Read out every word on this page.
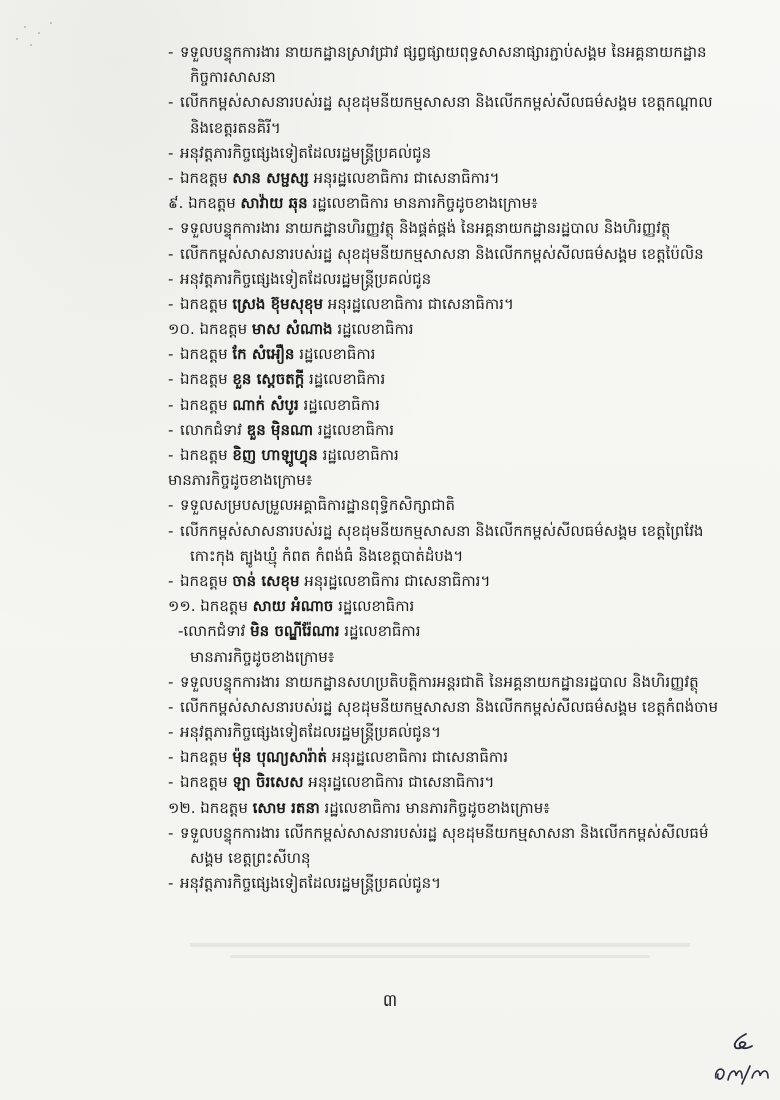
- ទទួលបន្ទុកការងារ នាយកដ្ឋានស្រាវជ្រាវ ផ្សព្វផ្សាយពុទ្ធសាសនាផ្សារភ្ជាប់សង្គម នៃអគ្គនាយកដ្ឋាន
កិច្ចការសាសនា
- លើកកម្ពស់សាសនារបស់រដ្ឋ សុខដុមនីយកម្មសាសនា និងលើកកម្ពស់សីលធម៌សង្គម ខេត្តកណ្ដាល
និងខេត្តរតនគិរី។
- អនុវត្តភារកិច្ចផ្សេងទៀតដែលរដ្ឋមន្ត្រីប្រគល់ជូន
- ឯកឧត្ដម សាន សម្ផស្ស អនុរដ្ឋលេខាធិការ ជាសេនាធិការ។
៩. ឯកឧត្ដម សាវ៉ាយ ឆុន រដ្ឋលេខាធិការ មានភារកិច្ចដូចខាងក្រោម៖
- ទទួលបន្ទុកការងារ នាយកដ្ឋានហិរញ្ញវត្ថុ និងផ្គត់ផ្គង់ នៃអគ្គនាយកដ្ឋានរដ្ឋបាល និងហិរញ្ញវត្ថុ
- លើកកម្ពស់សាសនារបស់រដ្ឋ សុខដុមនីយកម្មសាសនា និងលើកកម្ពស់សីលធម៌សង្គម ខេត្តប៉ៃលិន
- អនុវត្តភារកិច្ចផ្សេងទៀតដែលរដ្ឋមន្ត្រីប្រគល់ជូន
- ឯកឧត្ដម ស្រេង ខ៊ុមសុខុម អនុរដ្ឋលេខាធិការ ជាសេនាធិការ។
១០. ឯកឧត្ដម មាស សំណាង រដ្ឋលេខាធិការ
- ឯកឧត្ដម កែ សំអឿន រដ្ឋលេខាធិការ
- ឯកឧត្ដម ខួន ស្ដេចតក្តី រដ្ឋលេខាធិការ
- ឯកឧត្ដម ណាក់ សំបូរ រដ្ឋលេខាធិការ
- លោកជំទាវ ឌួន ម៉ិនណា រដ្ឋលេខាធិការ
- ឯកឧត្ដម ខិញ ហាឡូហ្វុន រដ្ឋលេខាធិការ
មានភារកិច្ចដូចខាងក្រោម៖
- ទទួលសម្របសម្រួលអគ្គាធិការដ្ឋានពុទ្ធិកសិក្សាជាតិ
- លើកកម្ពស់សាសនារបស់រដ្ឋ សុខដុមនីយកម្មសាសនា និងលើកកម្ពស់សីលធម៌សង្គម ខេត្តព្រៃវែង
កោះកុង ត្បូងឃ្មុំ កំពត កំពង់ធំ និងខេត្តបាត់ដំបង។
- ឯកឧត្ដម ចាន់ សេខុម អនុរដ្ឋលេខាធិការ ជាសេនាធិការ។
១១. ឯកឧត្ដម សាយ អំណាច រដ្ឋលេខាធិការ
-លោកជំទាវ មិន ចណ្ឌីរ៉ែណារ រដ្ឋលេខាធិការ
មានភារកិច្ចដូចខាងក្រោម៖
- ទទួលបន្ទុកការងារ នាយកដ្ឋានសហប្រតិបត្តិការអន្តរជាតិ នៃអគ្គនាយកដ្ឋានរដ្ឋបាល និងហិរញ្ញវត្ថុ
- លើកកម្ពស់សាសនារបស់រដ្ឋ សុខដុមនីយកម្មសាសនា និងលើកកម្ពស់សីលធម៌សង្គម ខេត្តកំពង់ចាម
- អនុវត្តភារកិច្ចផ្សេងទៀតដែលរដ្ឋមន្ត្រីប្រគល់ជូន។
- ឯកឧត្ដម ម៉ុន បុណ្យសារ៉ាត់ អនុរដ្ឋលេខាធិការ ជាសេនាធិការ
- ឯកឧត្ដម ឡា ចិរសេស អនុរដ្ឋលេខាធិការ ជាសេនាធិការ។
១២. ឯកឧត្ដម សោម រតនា រដ្ឋលេខាធិការ មានភារកិច្ចដូចខាងក្រោម៖
- ទទួលបន្ទុកការងារ លើកកម្ពស់សាសនារបស់រដ្ឋ សុខដុមនីយកម្មសាសនា និងលើកកម្ពស់សីលធម៌
សង្គម ខេត្តព្រះសីហនុ
- អនុវត្តភារកិច្ចផ្សេងទៀតដែលរដ្ឋមន្ត្រីប្រគល់ជូន។
៣
